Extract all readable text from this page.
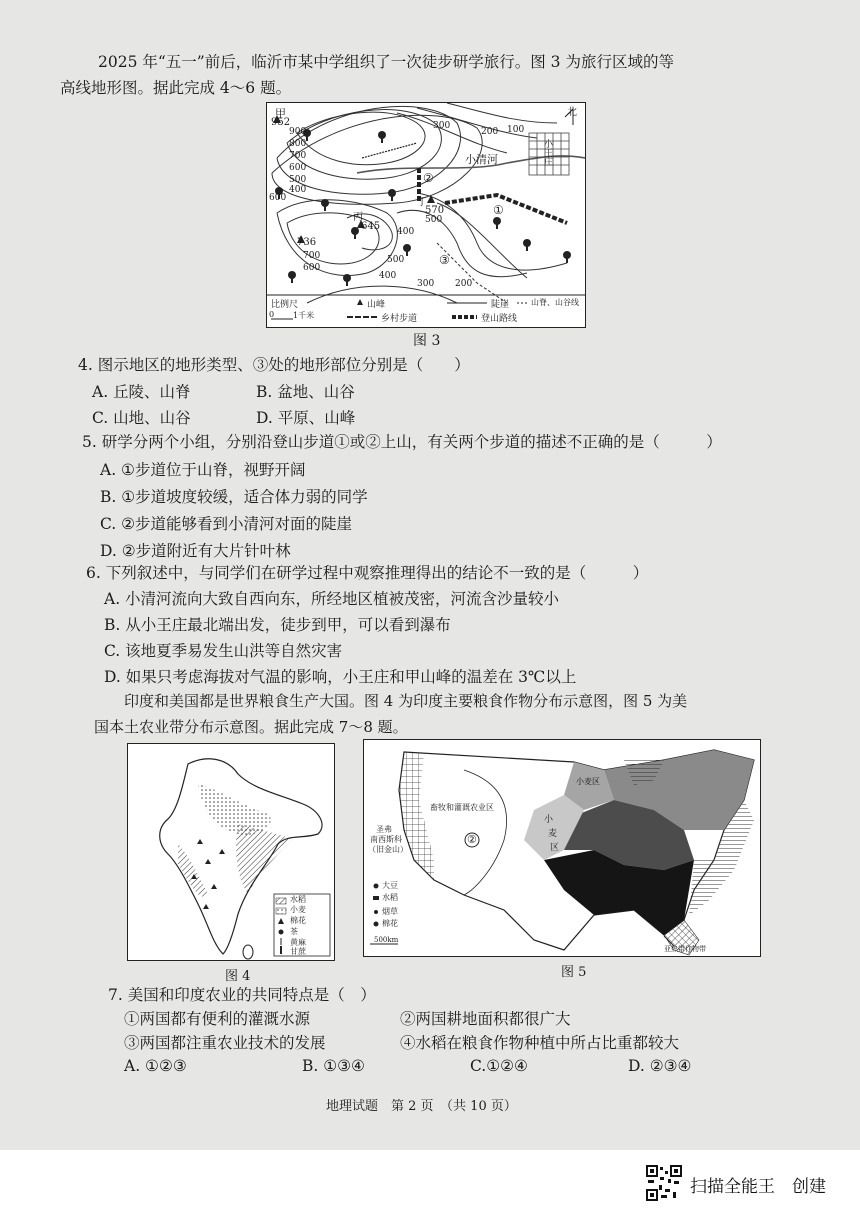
2025 年“五一”前后，临沂市某中学组织了一次徒步研学旅行。图 3 为旅行区域的等
高线地形图。据此完成 4～6 题。
甲
952
北
小清河	小王庄
丙
645
丁
570
736
①
②
③
900
800
700
600
500
400
300
200 100
400
300 200
700
600
500
400
600
500
比例尺
0 1千米
山峰	陡崖	山脊、山谷线
乡村步道	登山路线
图 3
4. 图示地区的地形类型、③处的地形部位分别是（　　）
A. 丘陵、山脊	B. 盆地、山谷
C. 山地、山谷	D. 平原、山峰
5. 研学分两个小组，分别沿登山步道①或②上山，有关两个步道的描述不正确的是（　　　）
A. ①步道位于山脊，视野开阔
B. ①步道坡度较缓，适合体力弱的同学
C. ②步道能够看到小清河对面的陡崖
D. ②步道附近有大片针叶林
6. 下列叙述中，与同学们在研学过程中观察推理得出的结论不一致的是（　　　）
A. 小清河流向大致自西向东，所经地区植被茂密，河流含沙量较小
B. 从小王庄最北端出发，徒步到甲，可以看到瀑布
C. 该地夏季易发生山洪等自然灾害
D. 如果只考虑海拔对气温的影响，小王庄和甲山峰的温差在 3℃以上
印度和美国都是世界粮食生产大国。图 4 为印度主要粮食作物分布示意图，图 5 为美
国本土农业带分布示意图。据此完成 7～8 题。
水稻
小麦
棉花
茶
黄麻
甘蔗
图 4
畜牧和灌溉农业区
圣弗
南西斯科
（旧金山）
小麦区
小
麦
区
②
亚热带作物带
500km
大豆
水稻
烟草
棉花
图 5
7. 美国和印度农业的共同特点是（　）
①两国都有便利的灌溉水源	②两国耕地面积都很广大
③两国都注重农业技术的发展	④水稻在粮食作物种植中所占比重都较大
A. ①②③	B. ①③④	C.①②④	D. ②③④
地理试题　第 2 页　（共 10 页）
扫描全能王　创建
